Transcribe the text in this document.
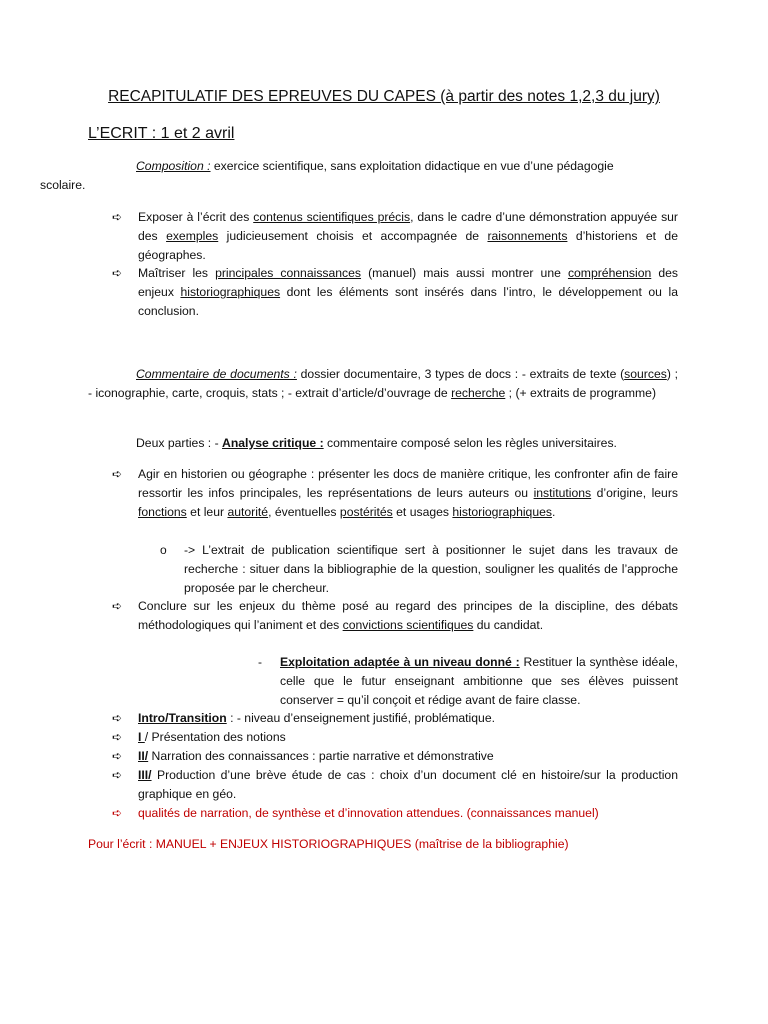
RECAPITULATIF DES EPREUVES DU CAPES (à partir des notes 1,2,3 du jury)
L’ECRIT : 1 et 2 avril
Composition : exercice scientifique, sans exploitation didactique en vue d’une pédagogie
scolaire.
➪ Exposer à l’écrit des contenus scientifiques précis, dans le cadre d’une démonstration appuyée sur des exemples judicieusement choisis et accompagnée de raisonnements d’historiens et de géographes.
➪ Maîtriser les principales connaissances (manuel) mais aussi montrer une compréhension des enjeux historiographiques dont les éléments sont insérés dans l’intro, le développement ou la conclusion.
Commentaire de documents : dossier documentaire, 3 types de docs : - extraits de texte (sources) ; - iconographie, carte, croquis, stats ; - extrait d’article/d’ouvrage de recherche ; (+ extraits de programme)
Deux parties : - Analyse critique : commentaire composé selon les règles universitaires.
➪ Agir en historien ou géographe : présenter les docs de manière critique, les confronter afin de faire ressortir les infos principales, les représentations de leurs auteurs ou institutions d’origine, leurs fonctions et leur autorité, éventuelles postérités et usages historiographiques.
o -> L’extrait de publication scientifique sert à positionner le sujet dans les travaux de recherche : situer dans la bibliographie de la question, souligner les qualités de l’approche proposée par le chercheur.
➪ Conclure sur les enjeux du thème posé au regard des principes de la discipline, des débats méthodologiques qui l’animent et des convictions scientifiques du candidat.
- Exploitation adaptée à un niveau donné : Restituer la synthèse idéale, celle que le futur enseignant ambitionne que ses élèves puissent conserver = qu’il conçoit et rédige avant de faire classe.
➪ Intro/Transition : - niveau d’enseignement justifié, problématique.
➪ I / Présentation des notions
➪ II/ Narration des connaissances : partie narrative et démonstrative
➪ III/ Production d’une brève étude de cas : choix d’un document clé en histoire/sur la production graphique en géo.
➪ qualités de narration, de synthèse et d’innovation attendues. (connaissances manuel)
Pour l’écrit : MANUEL + ENJEUX HISTORIOGRAPHIQUES (maîtrise de la bibliographie)
